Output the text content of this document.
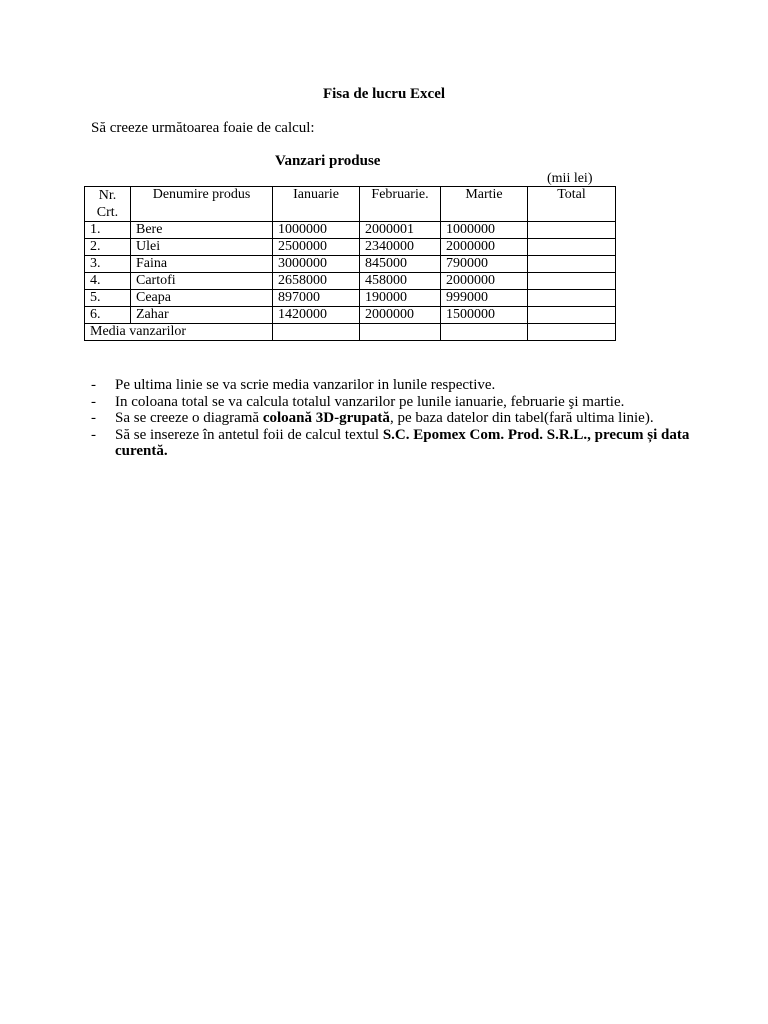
Fisa de lucru Excel
Să creeze următoarea foaie de calcul:
Vanzari produse
(mii lei)
Nr.
Crt.	Denumire produs	Ianuarie	Februarie.	Martie	Total
1.	Bere	1000000	2000001	1000000	
2.	Ulei	2500000	2340000	2000000	
3.	Faina	3000000	845000	790000	
4.	Cartofi	2658000	458000	2000000	
5.	Ceapa	897000	190000	999000	
6.	Zahar	1420000	2000000	1500000	
Media vanzarilor					
- Pe ultima linie se va scrie media vanzarilor in lunile respective.
- In coloana total se va calcula totalul vanzarilor pe lunile ianuarie, februarie şi martie.
- Sa se creeze o diagramă coloană 3D-grupată, pe baza datelor din tabel(fară ultima linie).
- Să se insereze în antetul foii de calcul textul S.C. Epomex Com. Prod. S.R.L., precum și data curentă.
